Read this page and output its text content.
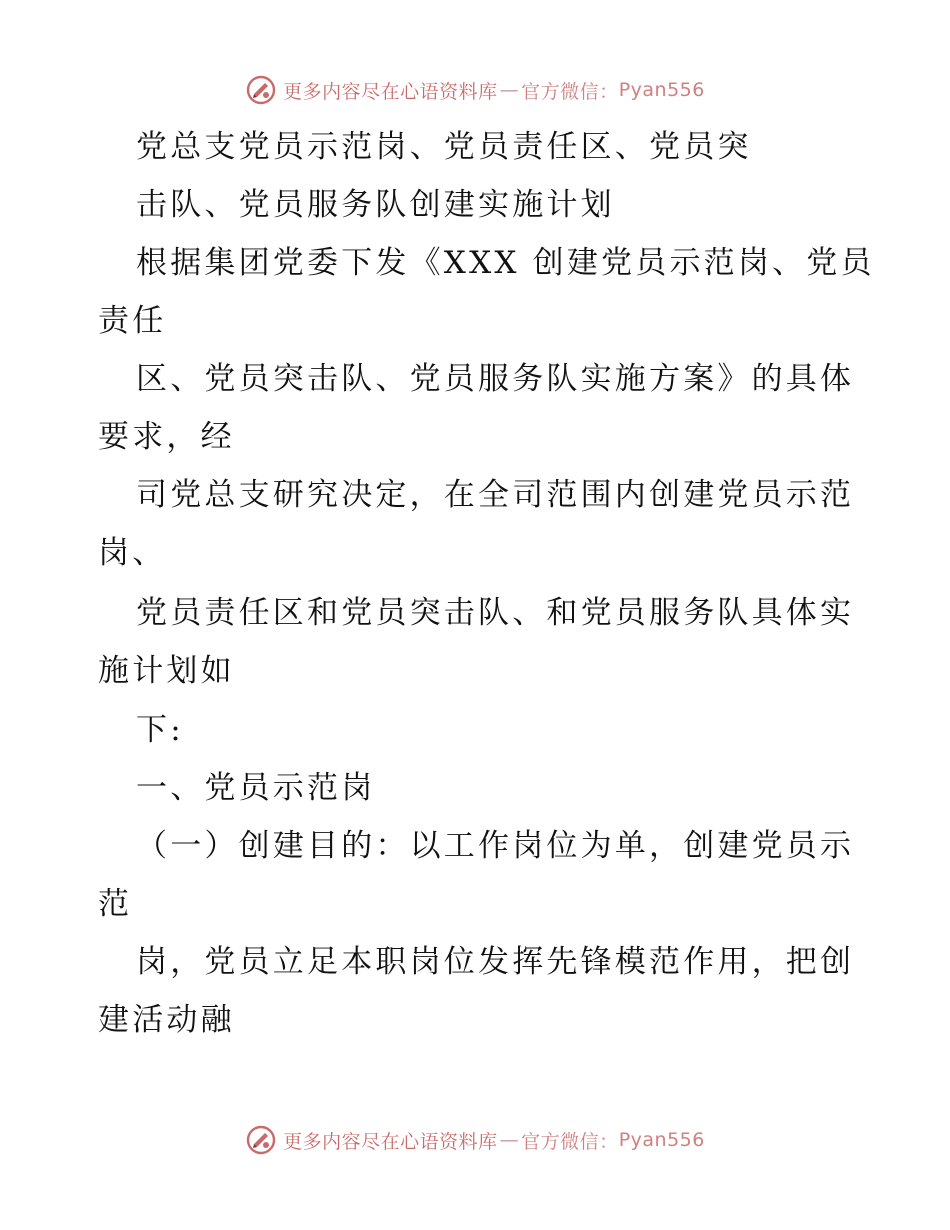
更多内容尽在心语资料库 — 官方微信： Pyan556
党总支党员示范岗、党员责任区、党员突
击队、党员服务队创建实施计划
根据集团党委下发《XXX 创建党员示范岗、党员
责任
区、党员突击队、党员服务队实施方案》的具体
要求，经
司党总支研究决定，在全司范围内创建党员示范
岗、
党员责任区和党员突击队、和党员服务队具体实
施计划如
下:
一、党员示范岗
（一）创建目的：以工作岗位为单，创建党员示
范
岗，党员立足本职岗位发挥先锋模范作用，把创
建活动融
更多内容尽在心语资料库 — 官方微信： Pyan556
